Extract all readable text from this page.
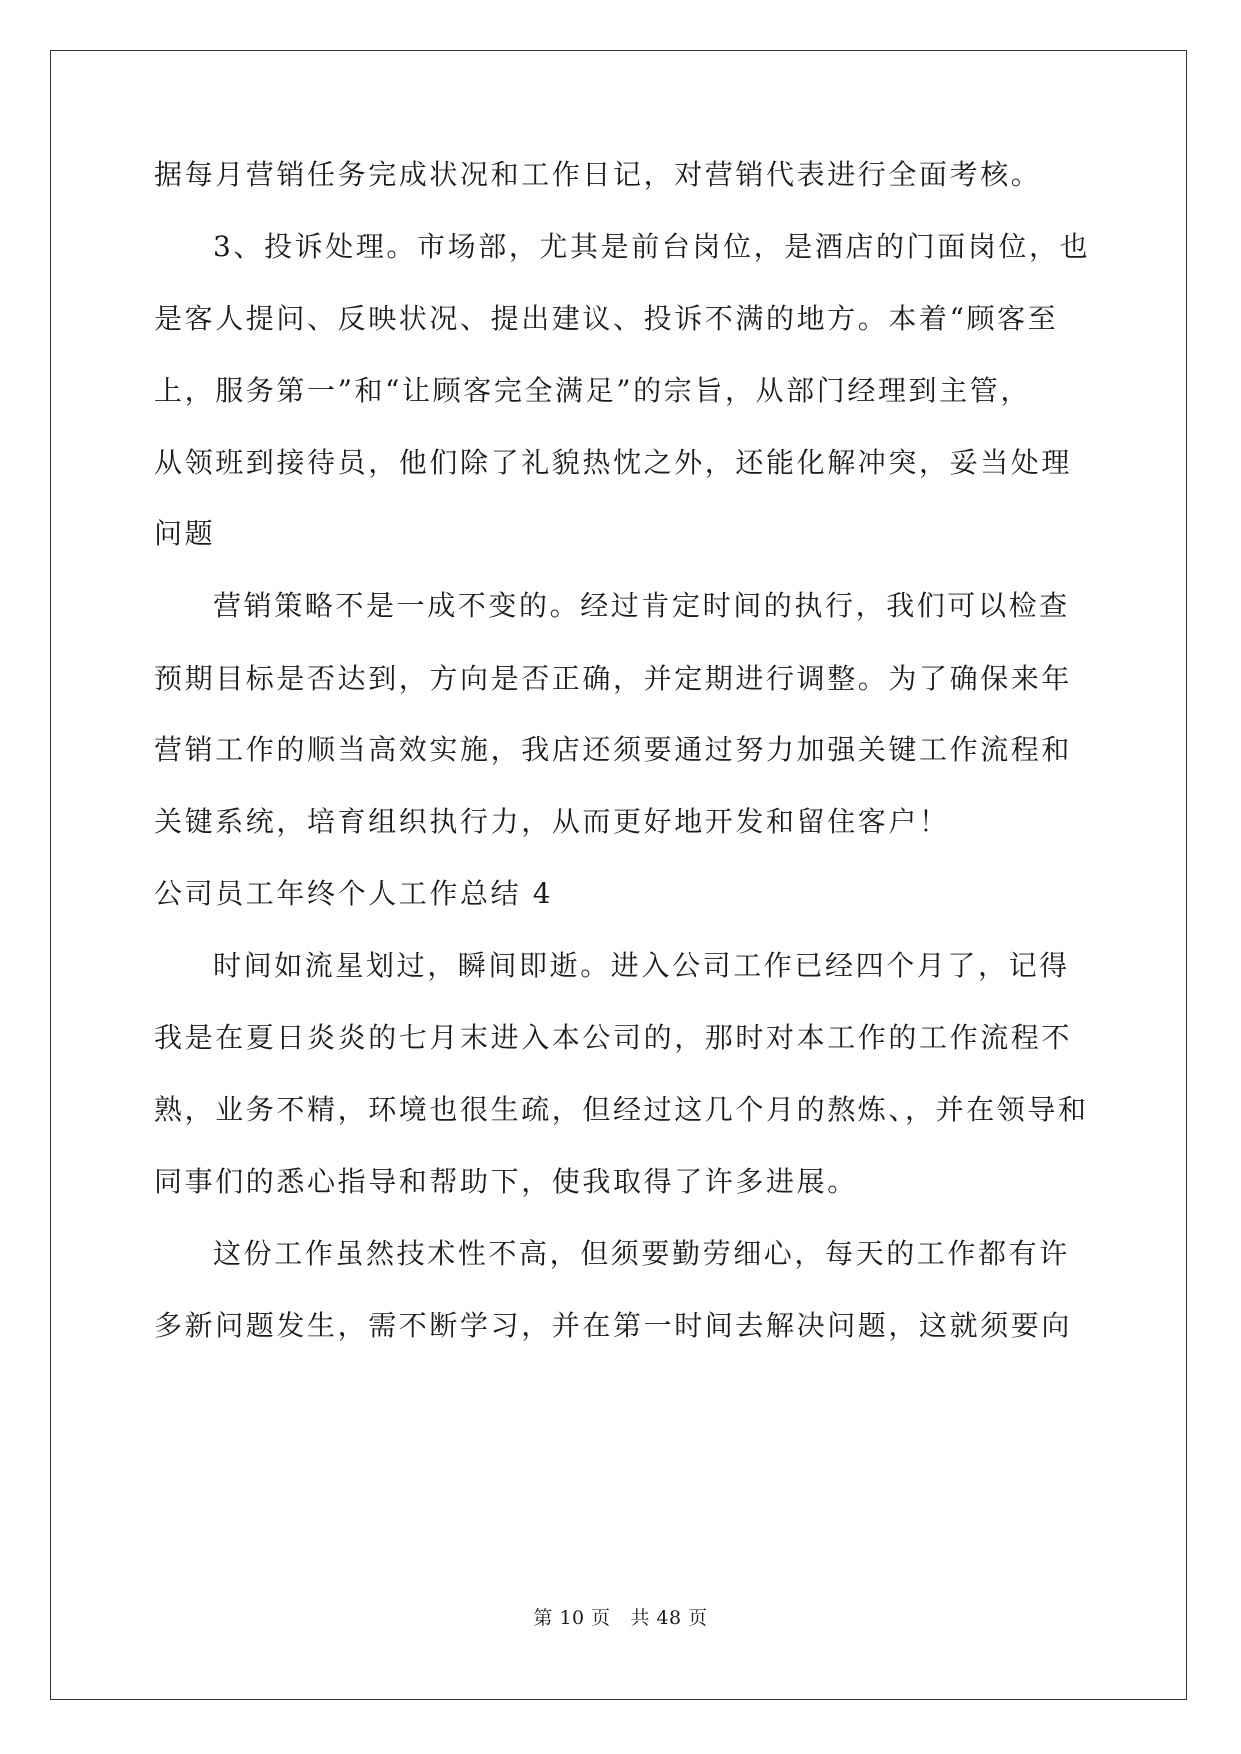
据每月营销任务完成状况和工作日记，对营销代表进行全面考核。
3、投诉处理。市场部，尤其是前台岗位，是酒店的门面岗位，也
是客人提问、反映状况、提出建议、投诉不满的地方。本着“顾客至
上，服务第一”和“让顾客完全满足”的宗旨，从部门经理到主管，
从领班到接待员，他们除了礼貌热忱之外，还能化解冲突，妥当处理
问题
营销策略不是一成不变的。经过肯定时间的执行，我们可以检查
预期目标是否达到，方向是否正确，并定期进行调整。为了确保来年
营销工作的顺当高效实施，我店还须要通过努力加强关键工作流程和
关键系统，培育组织执行力，从而更好地开发和留住客户！
公司员工年终个人工作总结 4
时间如流星划过，瞬间即逝。进入公司工作已经四个月了，记得
我是在夏日炎炎的七月末进入本公司的，那时对本工作的工作流程不
熟，业务不精，环境也很生疏，但经过这几个月的熬炼、，并在领导和
同事们的悉心指导和帮助下，使我取得了许多进展。
这份工作虽然技术性不高，但须要勤劳细心，每天的工作都有许
多新问题发生，需不断学习，并在第一时间去解决问题，这就须要向
第 10 页 共 48 页
